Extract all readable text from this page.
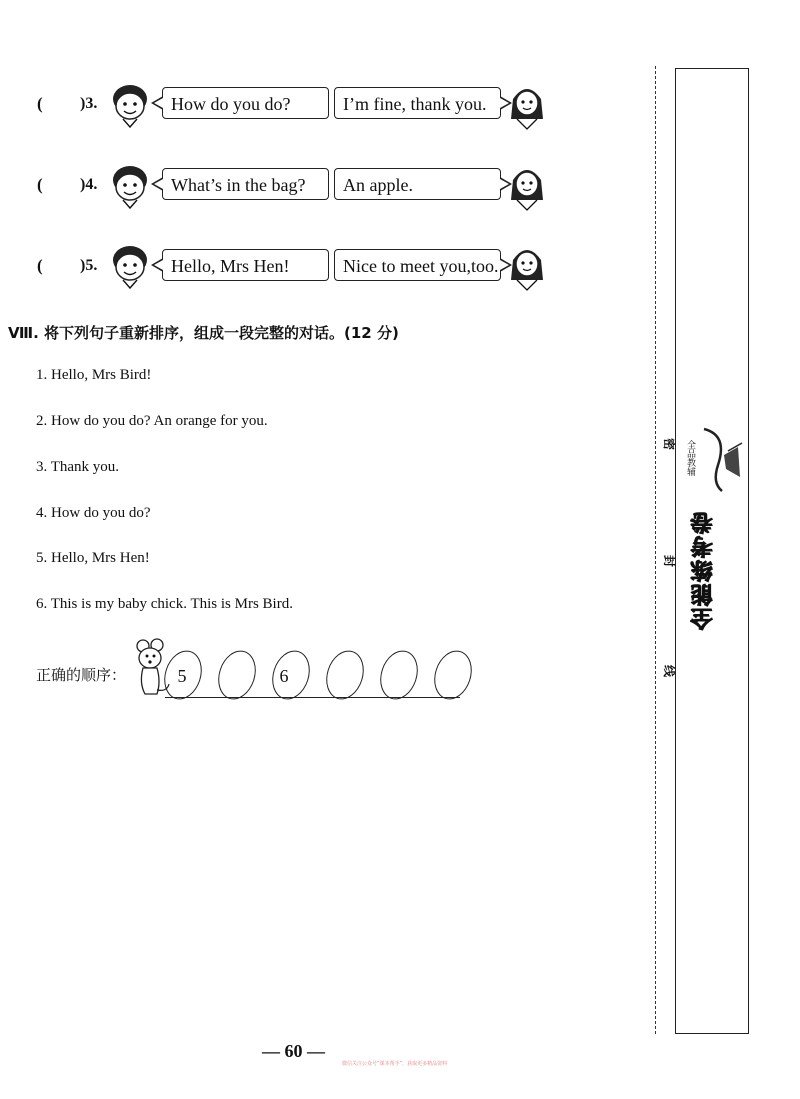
( )3.	How do you do?	I’m fine, thank you.
( )4.	What’s in the bag?	An apple.
( )5.	Hello, Mrs Hen!	Nice to meet you,too.
Ⅷ. 将下列句子重新排序，组成一段完整的对话。(12 分)
1. Hello, Mrs Bird!
2. How do you do? An orange for you.
3. Thank you.
4. How do you do?
5. Hello, Mrs Hen!
6. This is my baby chick. This is Mrs Bird.
正确的顺序：	5	6
密
封
线
全品教辅
全能练考卷
— 60 —
微信关注公众号“课本帮手”，获取更多精品资料
